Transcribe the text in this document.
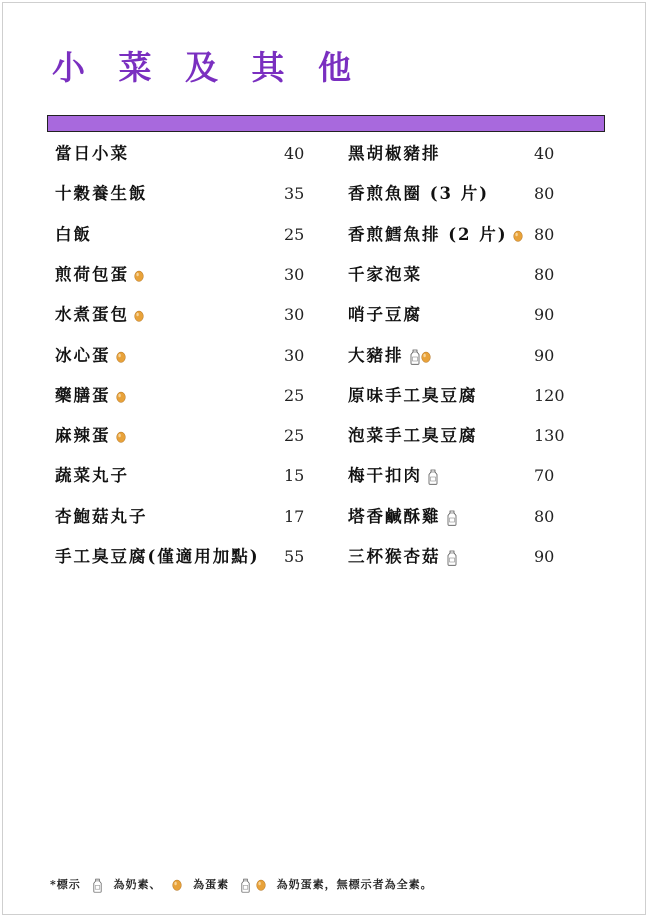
小 菜 及 其 他
當日小菜	40
十穀養生飯	35
白飯	25
煎荷包蛋	30
水煮蛋包	30
冰心蛋	30
藥膳蛋	25
麻辣蛋	25
蔬菜丸子	15
杏鮑菇丸子	17
手工臭豆腐(僅適用加點) 55
黑胡椒豬排	40
香煎魚圈 (3 片)	80
香煎鱈魚排 (2 片)	80
千家泡菜	80
哨子豆腐	90
大豬排	90
原味手工臭豆腐	120
泡菜手工臭豆腐	130
梅干扣肉	70
塔香鹹酥雞	80
三杯猴杏菇	90
*標示	為奶素、	為蛋素	為奶蛋素，無標示者為全素。
